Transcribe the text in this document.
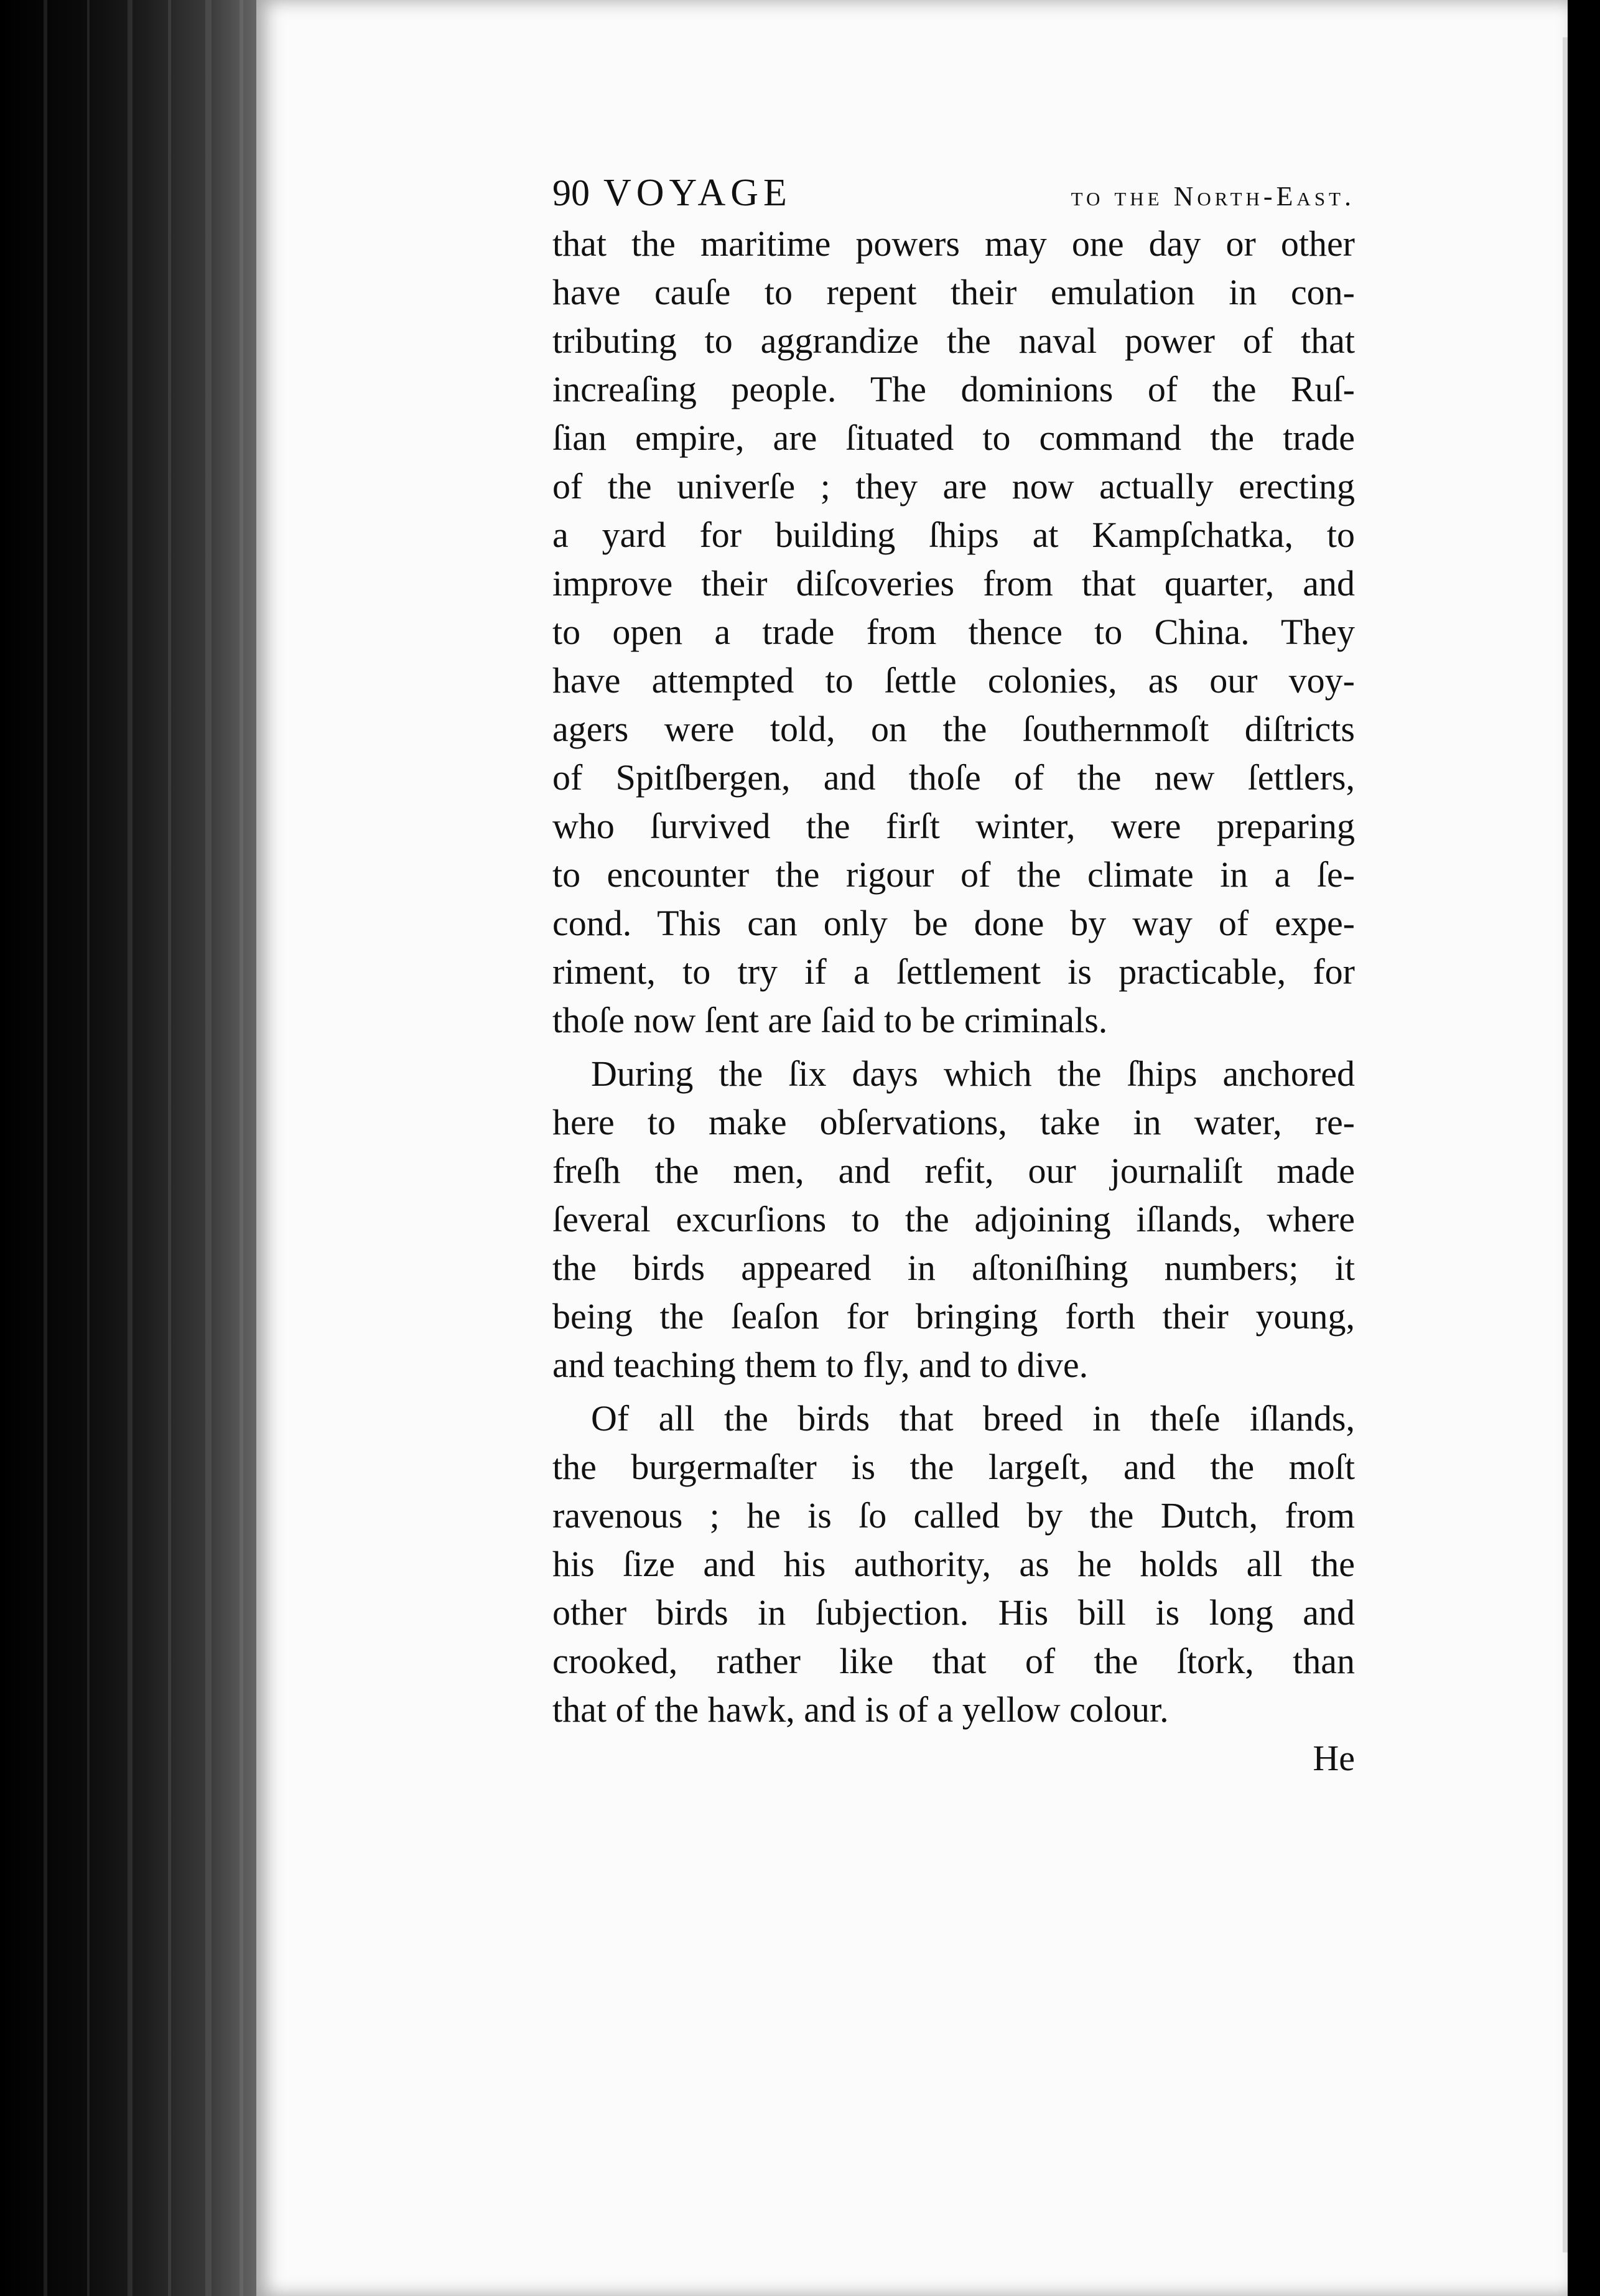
90 VOYAGE	to the North-East.
that the maritime powers may one day or other
have cauſe to repent their emulation in con-
tributing to aggrandize the naval power of that
increaſing people. The dominions of the Ruſ-
ſian empire, are ſituated to command the trade
of the univerſe ; they are now actually erecting
a yard for building ſhips at Kampſchatka, to
improve their diſcoveries from that quarter, and
to open a trade from thence to China. They
have attempted to ſettle colonies, as our voy-
agers were told, on the ſouthernmoſt diſtricts
of Spitſbergen, and thoſe of the new ſettlers,
who ſurvived the firſt winter, were preparing
to encounter the rigour of the climate in a ſe-
cond. This can only be done by way of expe-
riment, to try if a ſettlement is practicable, for
thoſe now ſent are ſaid to be criminals.
During the ſix days which the ſhips anchored
here to make obſervations, take in water, re-
freſh the men, and refit, our journaliſt made
ſeveral excurſions to the adjoining iſlands, where
the birds appeared in aſtoniſhing numbers; it
being the ſeaſon for bringing forth their young,
and teaching them to fly, and to dive.
Of all the birds that breed in theſe iſlands,
the burgermaſter is the largeſt, and the moſt
ravenous ; he is ſo called by the Dutch, from
his ſize and his authority, as he holds all the
other birds in ſubjection. His bill is long and
crooked, rather like that of the ſtork, than
that of the hawk, and is of a yellow colour.
He
